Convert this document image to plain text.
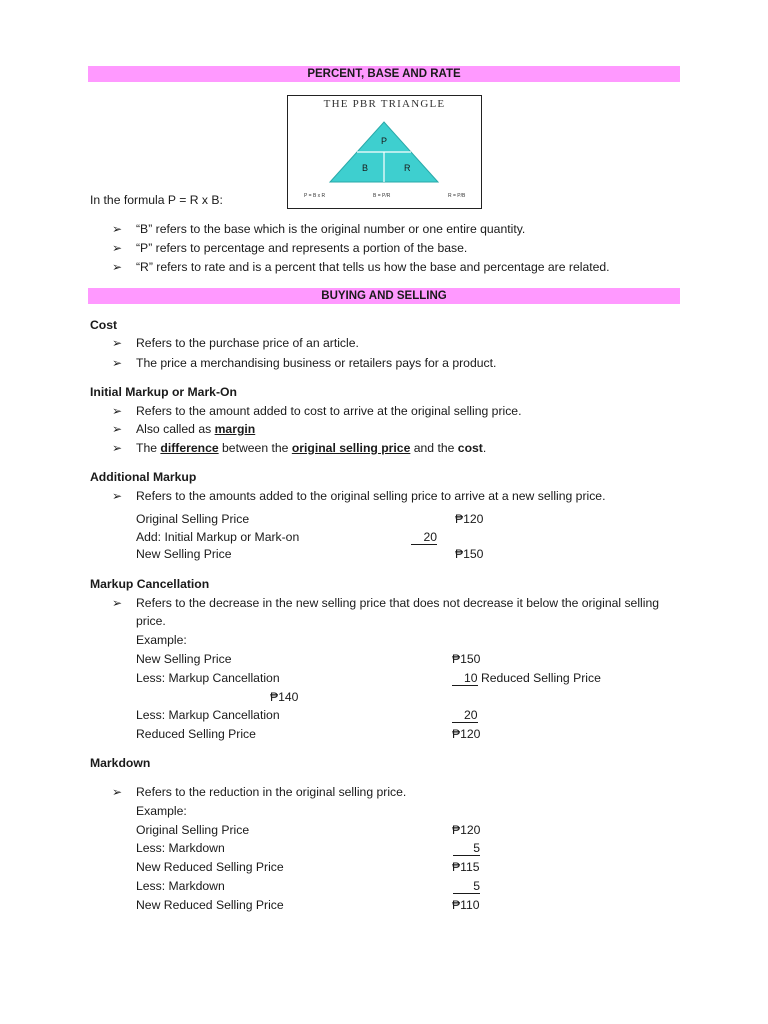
PERCENT, BASE AND RATE
THE PBR TRIANGLE
P
B	R
P = B x R	B = P/R	R = P/B
In the formula P = R x B:
➢ “B” refers to the base which is the original number or one entire quantity.
➢ “P” refers to percentage and represents a portion of the base.
➢ “R” refers to rate and is a percent that tells us how the base and percentage are related.
BUYING AND SELLING
Cost
➢ Refers to the purchase price of an article.
➢ The price a merchandising business or retailers pays for a product.
Initial Markup or Mark-On
➢ Refers to the amount added to cost to arrive at the original selling price.
➢ Also called as margin
➢ The difference between the original selling price and the cost.
Additional Markup
➢ Refers to the amounts added to the original selling price to arrive at a new selling price.
Original Selling Price	₱120
Add: Initial Markup or Mark-on	20
New Selling Price	₱150
Markup Cancellation
➢ Refers to the decrease in the new selling price that does not decrease it below the original selling
price.
Example:
New Selling Price	₱150
Less: Markup Cancellation	10 Reduced Selling Price
₱140
Less: Markup Cancellation	20
Reduced Selling Price	₱120
Markdown
➢ Refers to the reduction in the original selling price.
Example:
Original Selling Price	₱120
Less: Markdown	5
New Reduced Selling Price	₱115
Less: Markdown	5
New Reduced Selling Price	₱110
